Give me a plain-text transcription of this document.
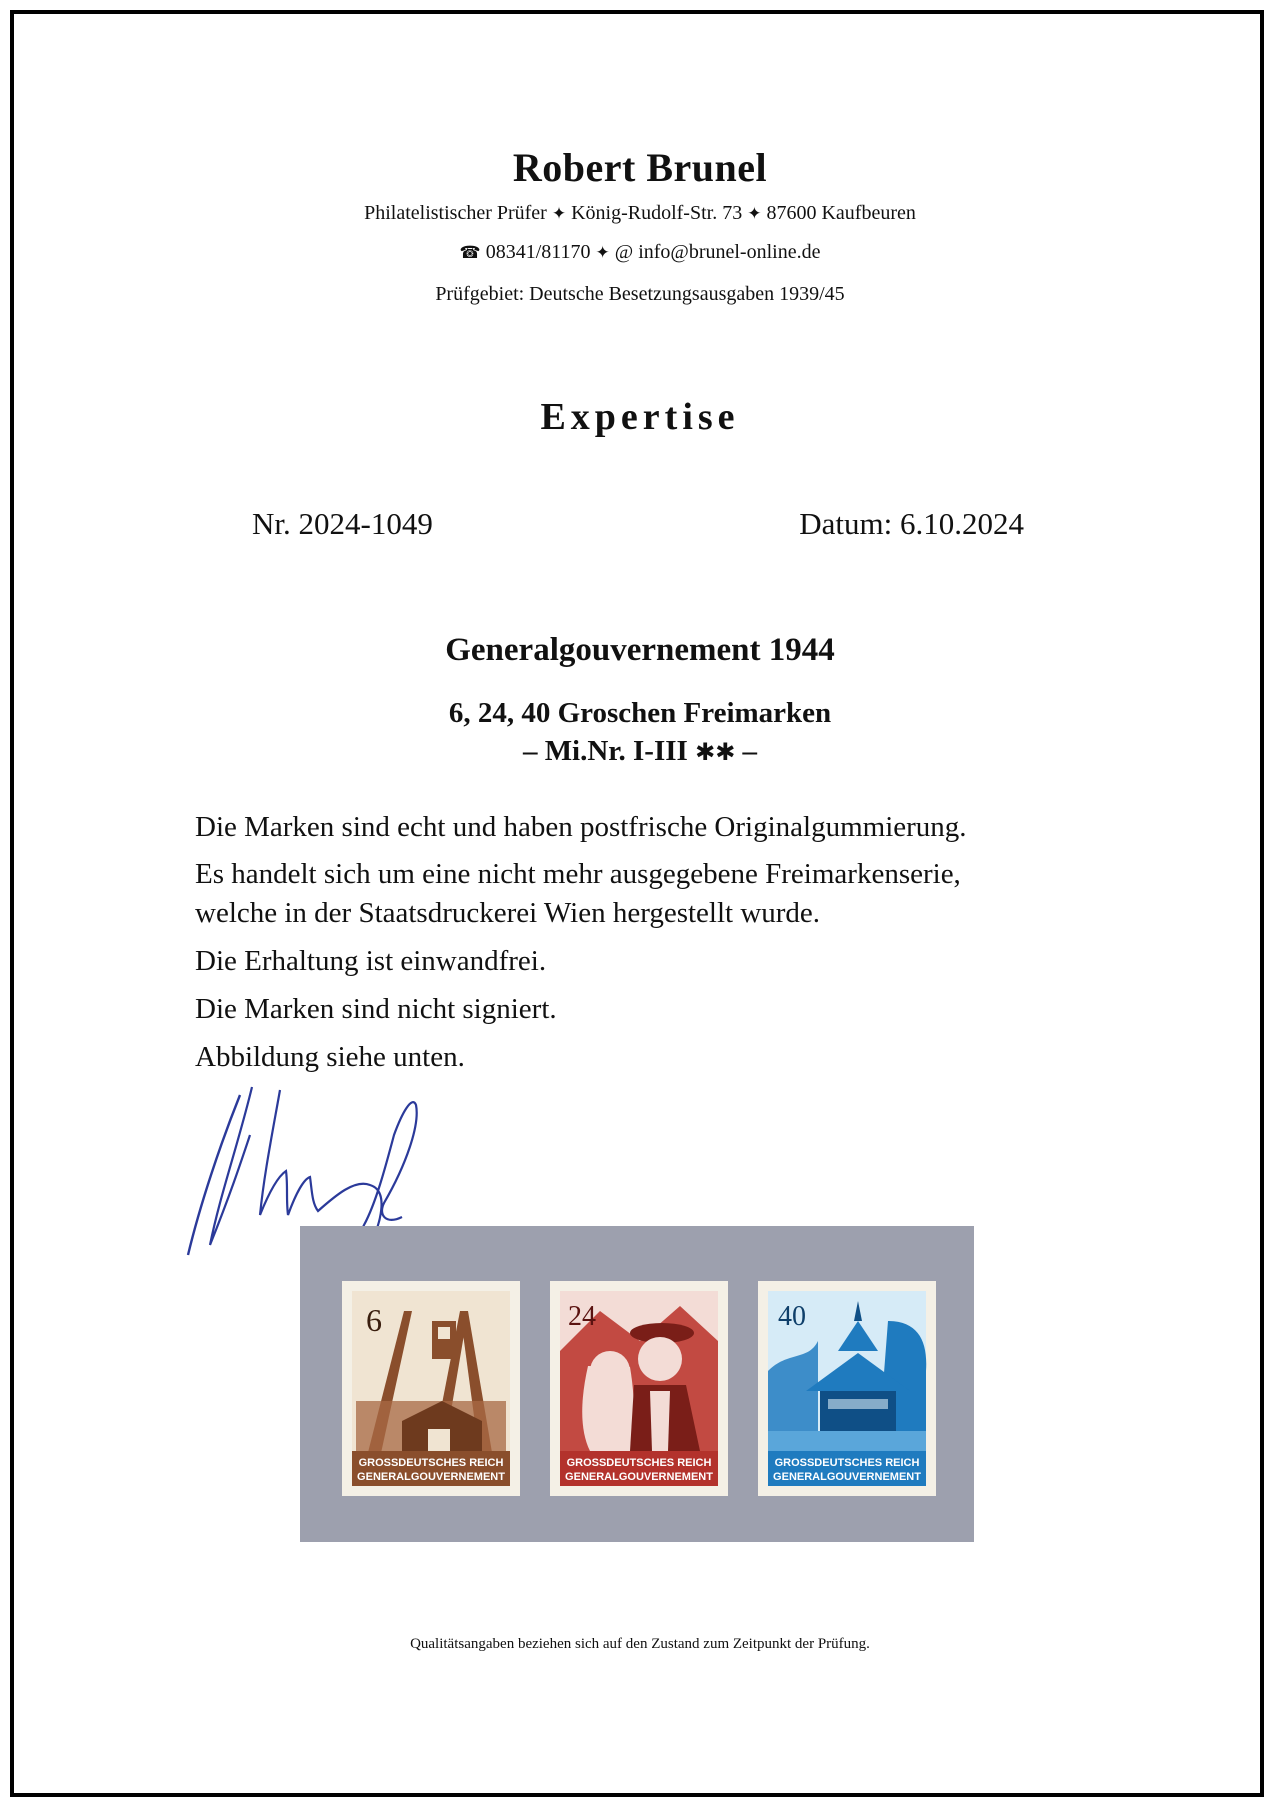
Robert Brunel
Philatelistischer Prüfer ✦ König-Rudolf-Str. 73 ✦ 87600 Kaufbeuren
☎ 08341/81170 ✦ @ info@brunel-online.de
Prüfgebiet: Deutsche Besetzungsausgaben 1939/45
Expertise
Nr. 2024-1049	Datum: 6.10.2024
Generalgouvernement 1944
6, 24, 40 Groschen Freimarken
– Mi.Nr. I-III ✱✱ –
Die Marken sind echt und haben postfrische Originalgummierung.
Es handelt sich um eine nicht mehr ausgegebene Freimarkenserie,
welche in der Staatsdruckerei Wien hergestellt wurde.
Die Erhaltung ist einwandfrei.
Die Marken sind nicht signiert.
Abbildung siehe unten.
6
GROSSDEUTSCHES REICH
GENERALGOUVERNEMENT
24
GROSSDEUTSCHES REICH
GENERALGOUVERNEMENT
40
GROSSDEUTSCHES REICH
GENERALGOUVERNEMENT
Qualitätsangaben beziehen sich auf den Zustand zum Zeitpunkt der Prüfung.
